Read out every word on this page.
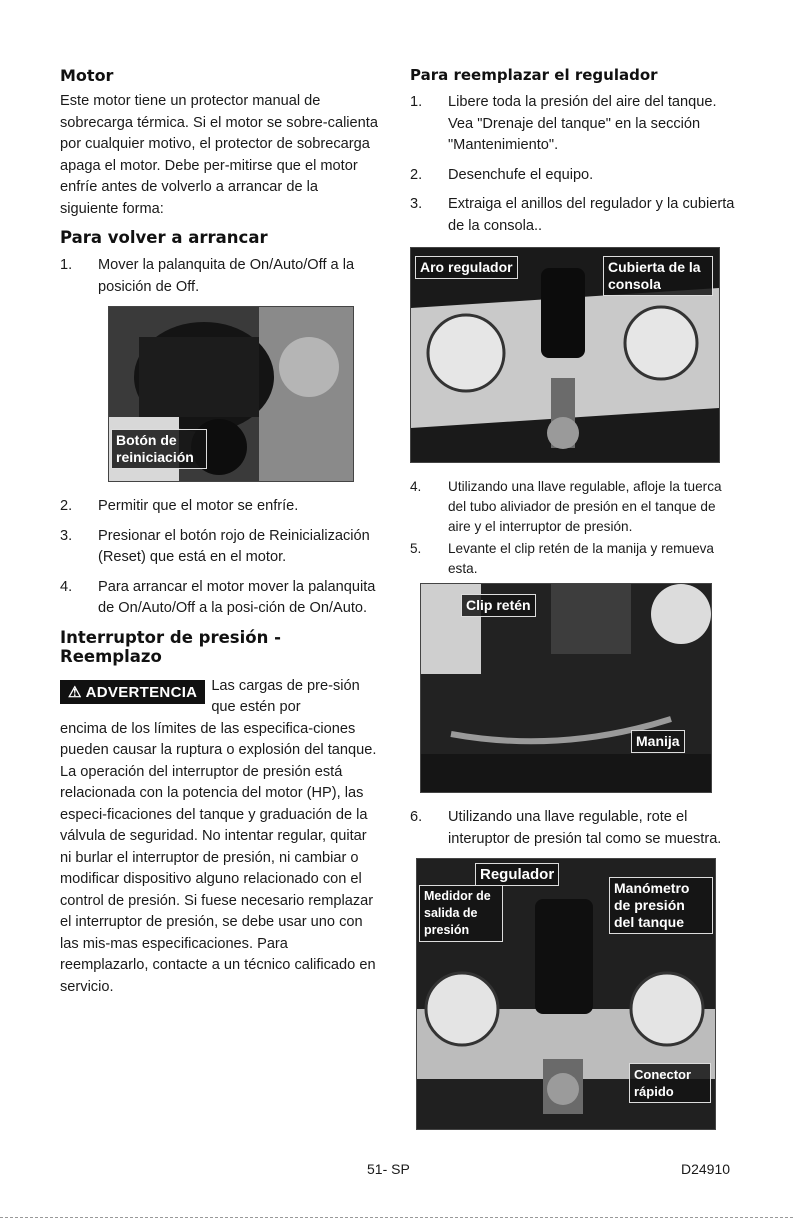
Motor

Este motor tiene un protector manual de sobrecarga térmica. Si el motor se sobre-calienta por cualquier motivo, el protector de sobrecarga apaga el motor. Debe per-mitirse que el motor enfríe antes de volverlo a arrancar de la siguiente forma:

Para volver a arrancar
1. Mover la palanquita de On/Auto/Off a la posición de Off.
Botón de reiniciación
2. Permitir que el motor se enfríe.
3. Presionar el botón rojo de Reinicialización (Reset) que está en el motor.
4. Para arrancar el motor mover la palanquita de On/Auto/Off a la posi-ción de On/Auto.
Interruptor de presión - Reemplazo
⚠ ADVERTENCIA Las cargas de pre-sión que estén por

encima de los límites de las especifica-ciones pueden causar la ruptura o explosión del tanque. La operación del interruptor de presión está relacionada con la potencia del motor (HP), las especi-ficaciones del tanque y graduación de la válvula de seguridad. No intentar regular, quitar ni burlar el interruptor de presión, ni cambiar o modificar dispositivo alguno relacionado con el control de presión. Si fuese necesario remplazar el interruptor de presión, se debe usar uno con las mis-mas especificaciones. Para reemplazarlo, contacte a un técnico calificado en servicio.

Para reemplazar el regulador
1. Libere toda la presión del aire del tanque. Vea "Drenaje del tanque" en la sección "Mantenimiento".
2. Desenchufe el equipo.
3. Extraiga el anillos del regulador y la cubierta de la consola..
Aro regulador	Cubierta de la consola
4. Utilizando una llave regulable, afloje la tuerca del tubo aliviador de presión en el tanque de aire y el interruptor de presión.
5. Levante el clip retén de la manija y remueva esta.
Clip retén
Manija
6. Utilizando una llave regulable, rote el interuptor de presión tal como se muestra.
Regulador
Medidor de salida de presión
Manómetro de presión del tanque
Conector rápido
51- SP	D24910
